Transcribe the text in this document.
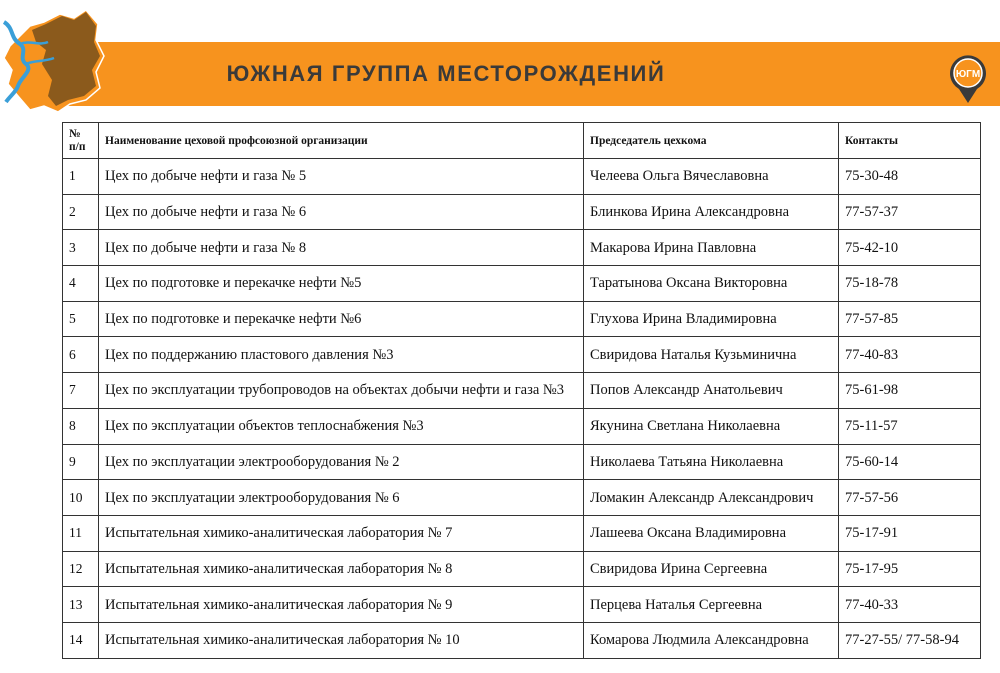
ЮЖНАЯ ГРУППА МЕСТОРОЖДЕНИЙ	ЮГМ
№ п/п	Наименование цеховой профсоюзной организации	Председатель цехкома	Контакты
1	Цех по добыче нефти и газа № 5	Челеева Ольга Вячеславовна	75-30-48
2	Цех по добыче нефти и газа № 6	Блинкова Ирина Александровна	77-57-37
3	Цех по добыче нефти и газа № 8	Макарова Ирина Павловна	75-42-10
4	Цех по подготовке и перекачке нефти №5	Таратынова Оксана Викторовна	75-18-78
5	Цех по подготовке и перекачке нефти №6	Глухова Ирина Владимировна	77-57-85
6	Цех по поддержанию пластового давления №3	Свиридова Наталья Кузьминична	77-40-83
7	Цех по эксплуатации трубопроводов на объектах добычи нефти и газа №3	Попов Александр Анатольевич	75-61-98
8	Цех по эксплуатации объектов теплоснабжения №3	Якунина Светлана Николаевна	75-11-57
9	Цех по эксплуатации электрооборудования № 2	Николаева Татьяна Николаевна	75-60-14
10	Цех по эксплуатации электрооборудования № 6	Ломакин Александр Александрович	77-57-56
11	Испытательная химико-аналитическая лаборатория № 7	Лашеева Оксана Владимировна	75-17-91
12	Испытательная химико-аналитическая лаборатория № 8	Свиридова Ирина Сергеевна	75-17-95
13	Испытательная химико-аналитическая лаборатория № 9	Перцева Наталья Сергеевна	77-40-33
14	Испытательная химико-аналитическая лаборатория № 10	Комарова Людмила Александровна	77-27-55/ 77-58-94
